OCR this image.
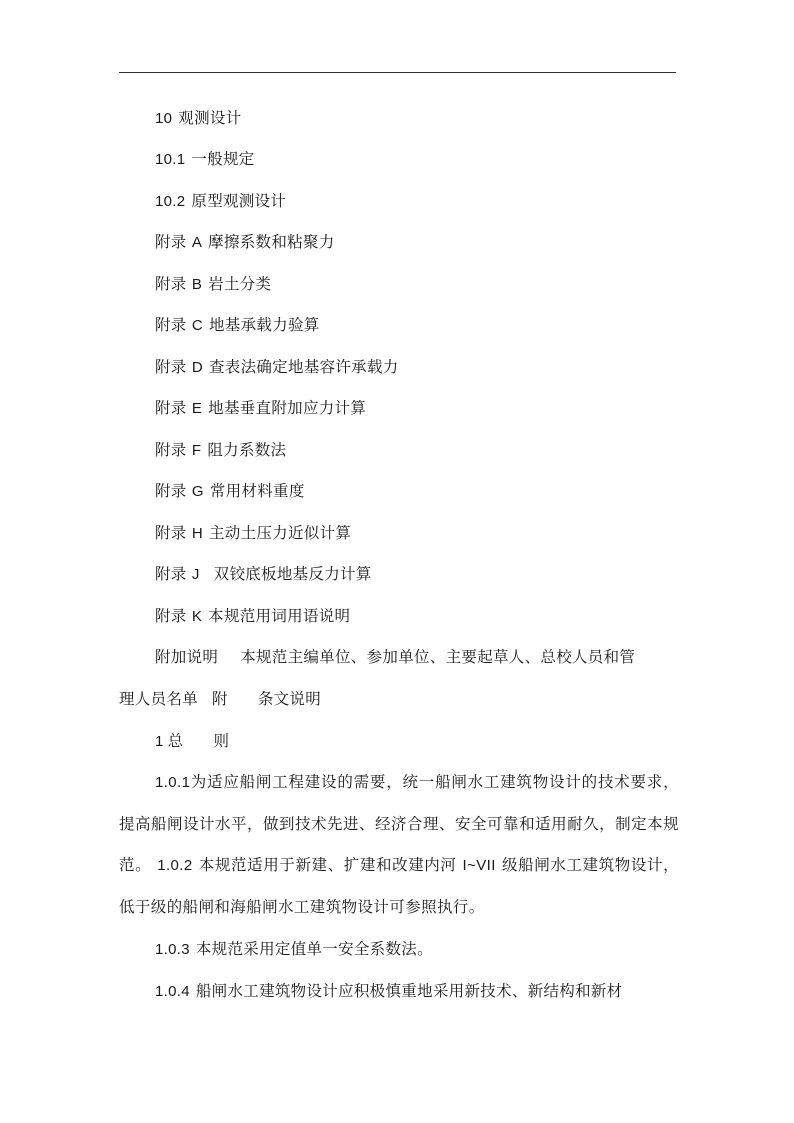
10 观测设计
10.1 一般规定
10.2 原型观测设计
附录 A 摩擦系数和粘聚力
附录 B 岩土分类
附录 C 地基承载力验算
附录 D 查表法确定地基容许承载力
附录 E 地基垂直附加应力计算
附录 F 阻力系数法
附录 G 常用材料重度
附录 H 主动土压力近似计算
附录 J 双铰底板地基反力计算
附录 K 本规范用词用语说明
附加说明 本规范主编单位、参加单位、主要起草人、总校人员和管
理人员名单 附 条文说明
1 总 则
1.0.1为适应船闸工程建设的需要，统一船闸水工建筑物设计的技术要求，提高船闸设计水平，做到技术先进、经济合理、安全可靠和适用耐久，制定本规范。 1.0.2 本规范适用于新建、扩建和改建内河 I~VII 级船闸水工建筑物设计，低于级的船闸和海船闸水工建筑物设计可参照执行。
1.0.3 本规范采用定值单一安全系数法。
1.0.4 船闸水工建筑物设计应积极慎重地采用新技术、新结构和新材
